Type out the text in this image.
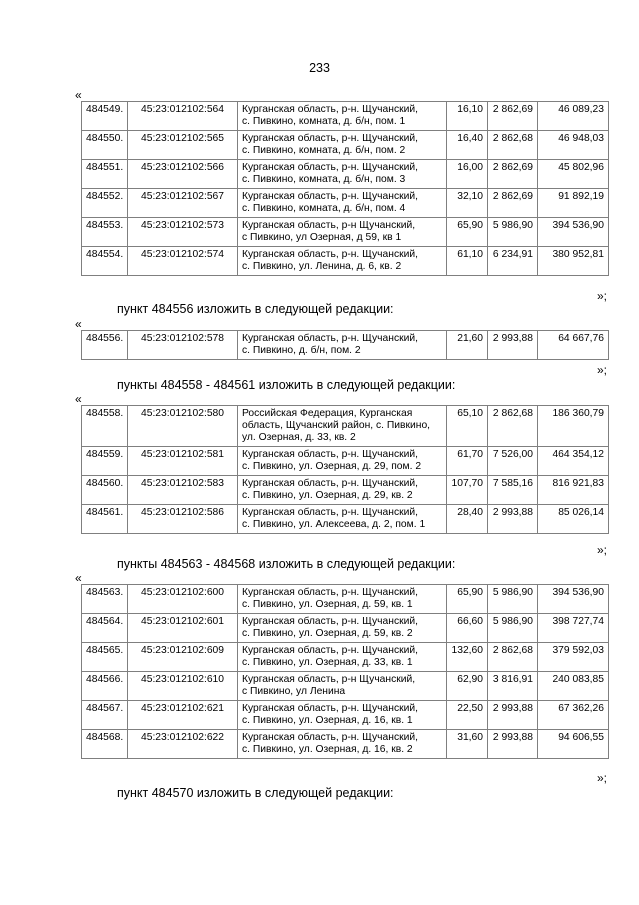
233
«
484549.	45:23:012102:564	Курганская область, р-н. Щучанский,
с. Пивкино, комната, д. б/н, пом. 1	16,10	2 862,69	46 089,23
484550.	45:23:012102:565	Курганская область, р-н. Щучанский,
с. Пивкино, комната, д. б/н, пом. 2	16,40	2 862,68	46 948,03
484551.	45:23:012102:566	Курганская область, р-н. Щучанский,
с. Пивкино, комната, д. б/н, пом. 3	16,00	2 862,69	45 802,96
484552.	45:23:012102:567	Курганская область, р-н. Щучанский,
с. Пивкино, комната, д. б/н, пом. 4	32,10	2 862,69	91 892,19
484553.	45:23:012102:573	Курганская область, р-н Щучанский,
с Пивкино, ул Озерная, д 59, кв 1	65,90	5 986,90	394 536,90
484554.	45:23:012102:574	Курганская область, р-н. Щучанский,
с. Пивкино, ул. Ленина, д. 6, кв. 2	61,10	6 234,91	380 952,81
»;
пункт 484556 изложить в следующей редакции:
«
484556.	45:23:012102:578	Курганская область, р-н. Щучанский,
с. Пивкино, д. б/н, пом. 2
	21,60	2 993,88	64 667,76
»;
пункты 484558 - 484561 изложить в следующей редакции:
«
484558.	45:23:012102:580	Российская Федерация, Курганская
область, Щучанский район, с. Пивкино,
ул. Озерная, д. 33, кв. 2	65,10	2 862,68	186 360,79
484559.	45:23:012102:581	Курганская область, р-н. Щучанский,
с. Пивкино, ул. Озерная, д. 29, пом. 2	61,70	7 526,00	464 354,12
484560.	45:23:012102:583	Курганская область, р-н. Щучанский,
с. Пивкино, ул. Озерная, д. 29, кв. 2	107,70	7 585,16	816 921,83
484561.	45:23:012102:586	Курганская область, р-н. Щучанский,
с. Пивкино, ул. Алексеева, д. 2, пом. 1	28,40	2 993,88	85 026,14
»;
пункты 484563 - 484568 изложить в следующей редакции:
«
484563.	45:23:012102:600	Курганская область, р-н. Щучанский,
с. Пивкино, ул. Озерная, д. 59, кв. 1	65,90	5 986,90	394 536,90
484564.	45:23:012102:601	Курганская область, р-н. Щучанский,
с. Пивкино, ул. Озерная, д. 59, кв. 2	66,60	5 986,90	398 727,74
484565.	45:23:012102:609	Курганская область, р-н. Щучанский,
с. Пивкино, ул. Озерная, д. 33, кв. 1	132,60	2 862,68	379 592,03
484566.	45:23:012102:610	Курганская область, р-н Щучанский,
с Пивкино, ул Ленина	62,90	3 816,91	240 083,85
484567.	45:23:012102:621	Курганская область, р-н. Щучанский,
с. Пивкино, ул. Озерная, д. 16, кв. 1	22,50	2 993,88	67 362,26
484568.	45:23:012102:622	Курганская область, р-н. Щучанский,
с. Пивкино, ул. Озерная, д. 16, кв. 2	31,60	2 993,88	94 606,55
»;
пункт 484570 изложить в следующей редакции:
